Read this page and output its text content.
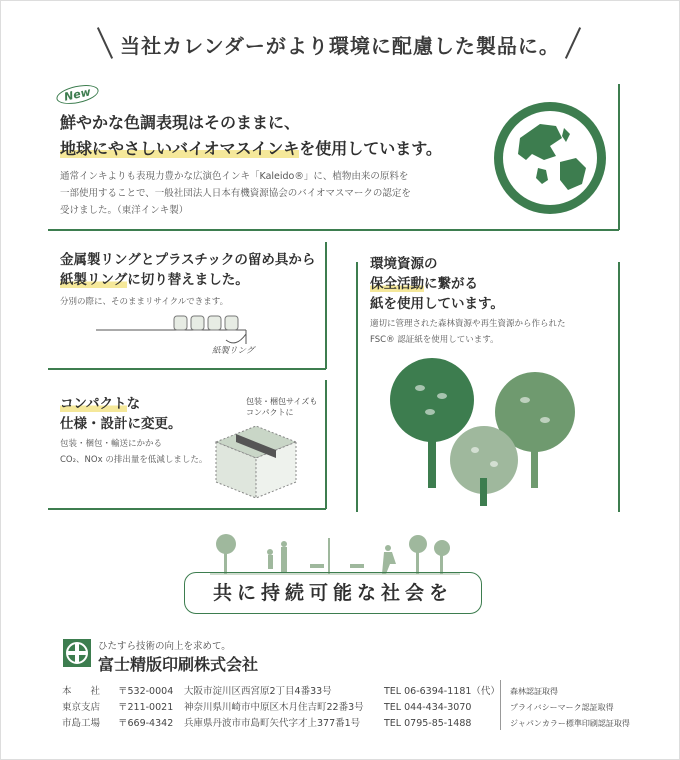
当社カレンダーがより環境に配慮した製品に。
New
鮮やかな色調表現はそのままに、
地球にやさしいバイオマスインキを使用しています。
通常インキよりも表現力豊かな広演色インキ「Kaleido®」に、植物由来の原料を
一部使用することで、一般社団法人日本有機資源協会のバイオマスマークの認定を
受けました。（東洋インキ製）
金属製リングとプラスチックの留め具から
紙製リングに切り替えました。
分別の際に、そのままリサイクルできます。
紙製リング
環境資源の
保全活動に繋がる
紙を使用しています。
適切に管理された森林資源や再生資源から作られた
FSC® 認証紙を使用しています。
コンパクトな
仕様・設計に変更。
包装・梱包・輸送にかかる
CO₂、NOx の排出量を低減しました。
包装・梱包サイズも
コンパクトに
共に持続可能な社会を
ひたすら技術の向上を求めて。
富士精版印刷株式会社
本　　社	〒532-0004	大阪市淀川区西宮原2丁目4番33号	TEL 06-6394-1181（代）
東京支店	〒211-0021	神奈川県川崎市中原区木月住吉町22番3号	TEL 044-434-3070
市島工場	〒669-4342	兵庫県丹波市市島町矢代字才上377番1号	TEL 0795-85-1488
森林認証取得
プライバシーマーク認証取得
ジャパンカラー標準印刷認証取得
